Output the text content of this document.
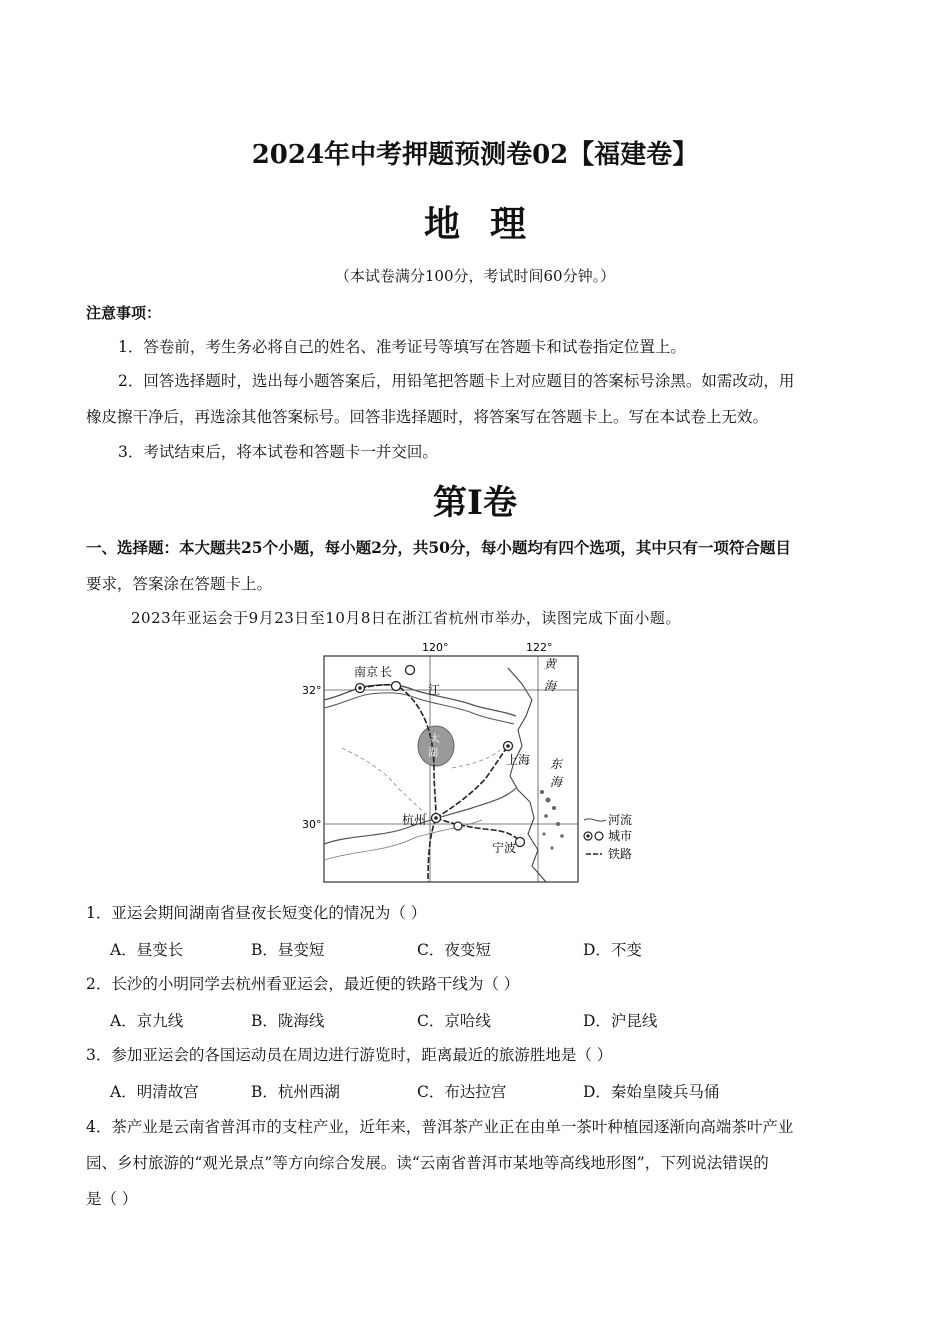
2024年中考押题预测卷02【福建卷】
地理
（本试卷满分100分，考试时间60分钟。）
注意事项：
1．答卷前，考生务必将自己的姓名、准考证号等填写在答题卡和试卷指定位置上。
2．回答选择题时，选出每小题答案后，用铅笔把答题卡上对应题目的答案标号涂黑。如需改动，用
橡皮擦干净后，再选涂其他答案标号。回答非选择题时，将答案写在答题卡上。写在本试卷上无效。
3．考试结束后，将本试卷和答题卡一并交回。
第Ⅰ卷
一、选择题：本大题共25个小题，每小题2分，共50分，每小题均有四个选项，其中只有一项符合题目
要求，答案涂在答题卡上。
2023年亚运会于9月23日至10月8日在浙江省杭州市举办，读图完成下面小题。
120°	122°
32°
30°
南京 长
江
黄
海
太
湖	上海 东
海
杭州
宁波
河流
城市
铁路
1．亚运会期间湖南省昼夜长短变化的情况为（ ）
A．昼变长	B．昼变短	C．夜变短	D．不变
2．长沙的小明同学去杭州看亚运会，最近便的铁路干线为（ ）
A．京九线	B．陇海线	C．京哈线	D．沪昆线
3．参加亚运会的各国运动员在周边进行游览时，距离最近的旅游胜地是（ ）
A．明清故宫	B．杭州西湖	C．布达拉宫	D．秦始皇陵兵马俑
4．茶产业是云南省普洱市的支柱产业，近年来，普洱茶产业正在由单一茶叶种植园逐渐向高端茶叶产业
园、乡村旅游的“观光景点”等方向综合发展。读“云南省普洱市某地等高线地形图”，下列说法错误的
是（ ）
